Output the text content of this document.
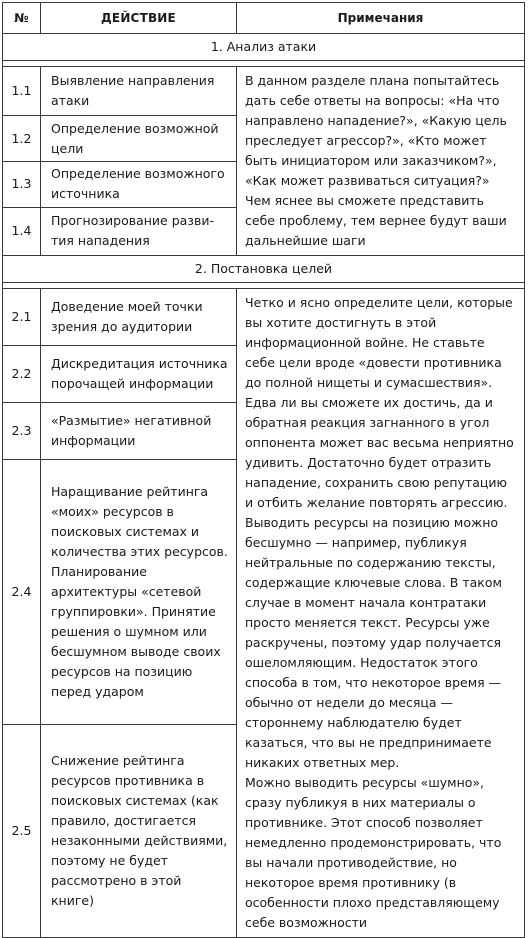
№	ДЕЙСТВИЕ	Примечания
1. Анализ атаки		

1.1	Выявление направления атаки	В данном разделе плана попытайтесь дать себе ответы на вопросы: «На что направлено нападение?», «Какую цель преследует агрессор?», «Кто может быть инициатором или заказчиком?», «Как может развиваться ситуация?»

Чем яснее вы сможете представить себе проблему, тем вернее будут ваши дальнейшие шаги

1.2	Определение возможной цели	
1.3	Определение возможного источника	
1.4	Прогнозирование развития нападения	
2. Постановка целей		

2.1	Доведение моей точки зрения до аудитории	Четко и ясно определите цели, которые вы хотите достигнуть в этой информационной войне. Не ставьте себе цели вроде «довести противника до полной нищеты и сумасшествия». Едва ли вы сможете их достичь, да и обратная реакция загнанного в угол оппонента может вас весьма неприятно удивить. Достаточно будет отразить нападение, сохранить свою репутацию и отбить желание повторять агрессию. Выводить ресурсы на позицию можно бесшумно — например, публикуя нейтральные по содержанию тексты, содержащие ключевые слова. В таком случае в момент начала контратаки просто меняется текст. Ресурсы уже раскручены, поэтому удар получается ошеломляющим. Недостаток этого способа в том, что некоторое время — обычно от недели до месяца — стороннему наблюдателю будет казаться, что вы не предпринимаете никаких ответных мер.

Можно выводить ресурсы «шумно», сразу публикуя в них материалы о противнике. Этот способ позволяет немедленно продемонстрировать, что вы начали противодействие, но некоторое время противнику (в особенности плохо представляющему себе возможности

2.2	Дискредитация источника порочащей информации	
2.3	«Размытие» негативной информации	
2.4	Наращивание рейтинга «моих» ресурсов в поисковых системах и количества этих ресурсов. Планирование архитектуры «сетевой группировки». Принятие решения о шумном или бесшумном выводе своих ресурсов на позицию перед ударом	
2.5	Снижение рейтинга ресурсов противника в поисковых системах (как правило, достигается незаконными действиями, поэтому не будет рассмотрено в этой книге)	
